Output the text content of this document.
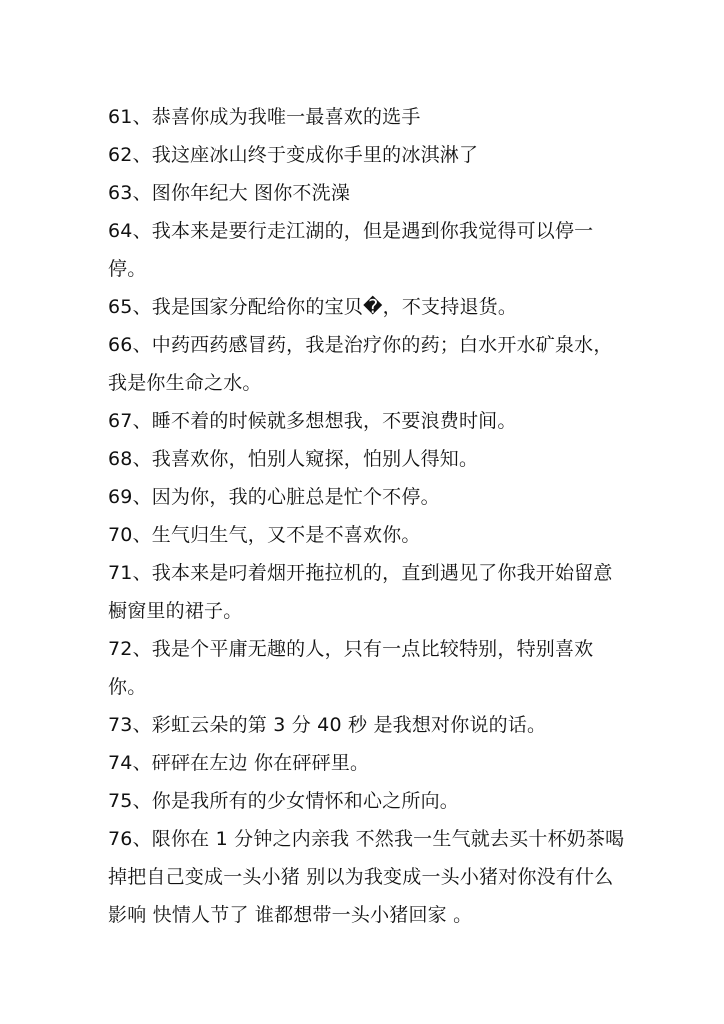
61、恭喜你成为我唯一最喜欢的选手

62、我这座冰山终于变成你手里的冰淇淋了

63、图你年纪大 图你不洗澡

64、我本来是要行走江湖的，但是遇到你我觉得可以停一停。

65、我是国家分配给你的宝贝�，不支持退货。

66、中药西药感冒药，我是治疗你的药；白水开水矿泉水，我是你生命之水。

67、睡不着的时候就多想想我，不要浪费时间。

68、我喜欢你，怕别人窥探，怕别人得知。

69、因为你，我的心脏总是忙个不停。

70、生气归生气，又不是不喜欢你。

71、我本来是叼着烟开拖拉机的，直到遇见了你我开始留意橱窗里的裙子。

72、我是个平庸无趣的人，只有一点比较特别，特别喜欢你。

73、彩虹云朵的第 3 分 40 秒 是我想对你说的话。

74、砰砰在左边 你在砰砰里。

75、你是我所有的少女情怀和心之所向。

76、限你在 1 分钟之内亲我 不然我一生气就去买十杯奶茶喝掉把自己变成一头小猪 别以为我变成一头小猪对你没有什么影响 快情人节了 谁都想带一头小猪回家 。
